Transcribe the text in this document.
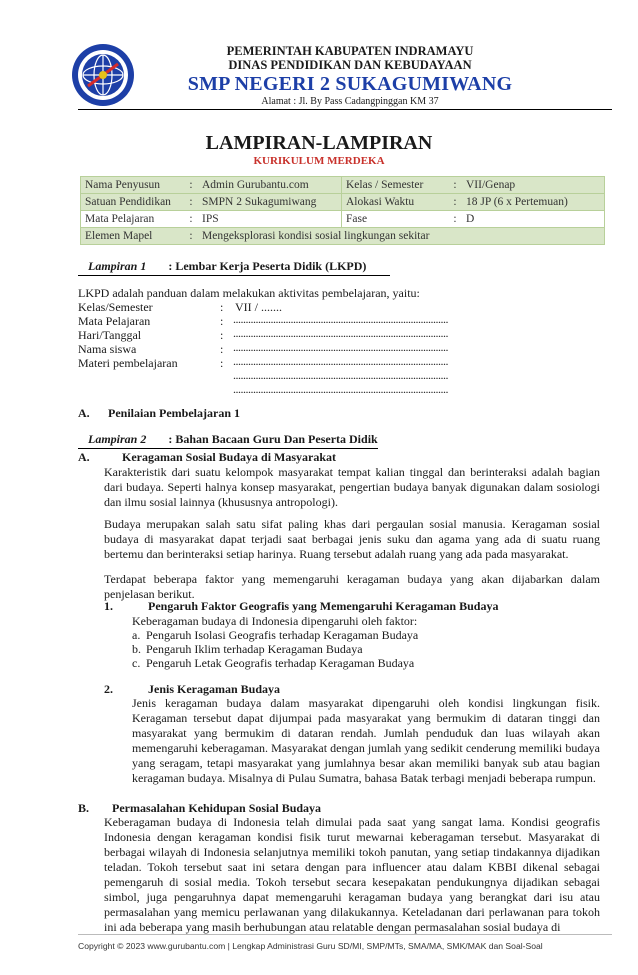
PEMERINTAH KABUPATEN INDRAMAYU
DINAS PENDIDIKAN DAN KEBUDAYAAN
SMP NEGERI 2 SUKAGUMIWANG
Alamat : Jl. By Pass Cadangpinggan KM 37
LAMPIRAN-LAMPIRAN
KURIKULUM MERDEKA
Nama Penyusun	:	Admin Gurubantu.com	Kelas / Semester	:	VII/Genap
Satuan Pendidikan	:	SMPN 2 Sukagumiwang	Alokasi Waktu	:	18 JP (6 x Pertemuan)
Mata Pelajaran	:	IPS	Fase	:	D
Elemen Mapel	:	Mengeksplorasi kondisi sosial lingkungan sekitar			
Lampiran 1 : Lembar Kerja Peserta Didik (LKPD)
LKPD adalah panduan dalam melakukan aktivitas pembelajaran, yaitu:
Kelas/Semester	: VII / .......
Mata Pelajaran	: ......................................................................................
Hari/Tanggal	: ......................................................................................
Nama siswa	: ......................................................................................
Materi pembelajaran	: ......................................................................................
......................................................................................
......................................................................................
A. Penilaian Pembelajaran 1
Lampiran 2 : Bahan Bacaan Guru Dan Peserta Didik
A.	Keragaman Sosial Budaya di Masyarakat
Karakteristik dari suatu kelompok masyarakat tempat kalian tinggal dan berinteraksi adalah bagian dari budaya. Seperti halnya konsep masyarakat, pengertian budaya banyak digunakan dalam sosiologi dan ilmu sosial lainnya (khususnya antropologi).
Budaya merupakan salah satu sifat paling khas dari pergaulan sosial manusia. Keragaman sosial budaya di masyarakat dapat terjadi saat berbagai jenis suku dan agama yang ada di suatu ruang bertemu dan berinteraksi setiap harinya. Ruang tersebut adalah ruang yang ada pada masyarakat.
Terdapat beberapa faktor yang memengaruhi keragaman budaya yang akan dijabarkan dalam penjelasan berikut.
1.	Pengaruh Faktor Geografis yang Memengaruhi Keragaman Budaya
Keberagaman budaya di Indonesia dipengaruhi oleh faktor:
a. Pengaruh Isolasi Geografis terhadap Keragaman Budaya
b. Pengaruh Iklim terhadap Keragaman Budaya
c. Pengaruh Letak Geografis terhadap Keragaman Budaya
2.	Jenis Keragaman Budaya
Jenis keragaman budaya dalam masyarakat dipengaruhi oleh kondisi lingkungan fisik. Keragaman tersebut dapat dijumpai pada masyarakat yang bermukim di dataran tinggi dan masyarakat yang bermukim di dataran rendah. Jumlah penduduk dan luas wilayah akan memengaruhi keberagaman. Masyarakat dengan jumlah yang sedikit cenderung memiliki budaya yang seragam, tetapi masyarakat yang jumlahnya besar akan memiliki banyak sub atau bagian keragaman budaya. Misalnya di Pulau Sumatra, bahasa Batak terbagi menjadi beberapa rumpun.
B. Permasalahan Kehidupan Sosial Budaya
Keberagaman budaya di Indonesia telah dimulai pada saat yang sangat lama. Kondisi geografis Indonesia dengan keragaman kondisi fisik turut mewarnai keberagaman tersebut. Masyarakat di berbagai wilayah di Indonesia selanjutnya memiliki tokoh panutan, yang setiap tindakannya dijadikan teladan. Tokoh tersebut saat ini setara dengan para influencer atau dalam KBBI dikenal sebagai pemengaruh di sosial media. Tokoh tersebut secara kesepakatan pendukungnya dijadikan sebagai simbol, juga pengaruhnya dapat memengaruhi keragaman budaya yang berangkat dari isu atau permasalahan yang memicu perlawanan yang dilakukannya. Keteladanan dari perlawanan para tokoh ini ada beberapa yang masih berhubungan atau relatable dengan permasalahan sosial budaya di
Copyright © 2023 www.gurubantu.com | Lengkap Administrasi Guru SD/MI, SMP/MTs, SMA/MA, SMK/MAK dan Soal-Soal
